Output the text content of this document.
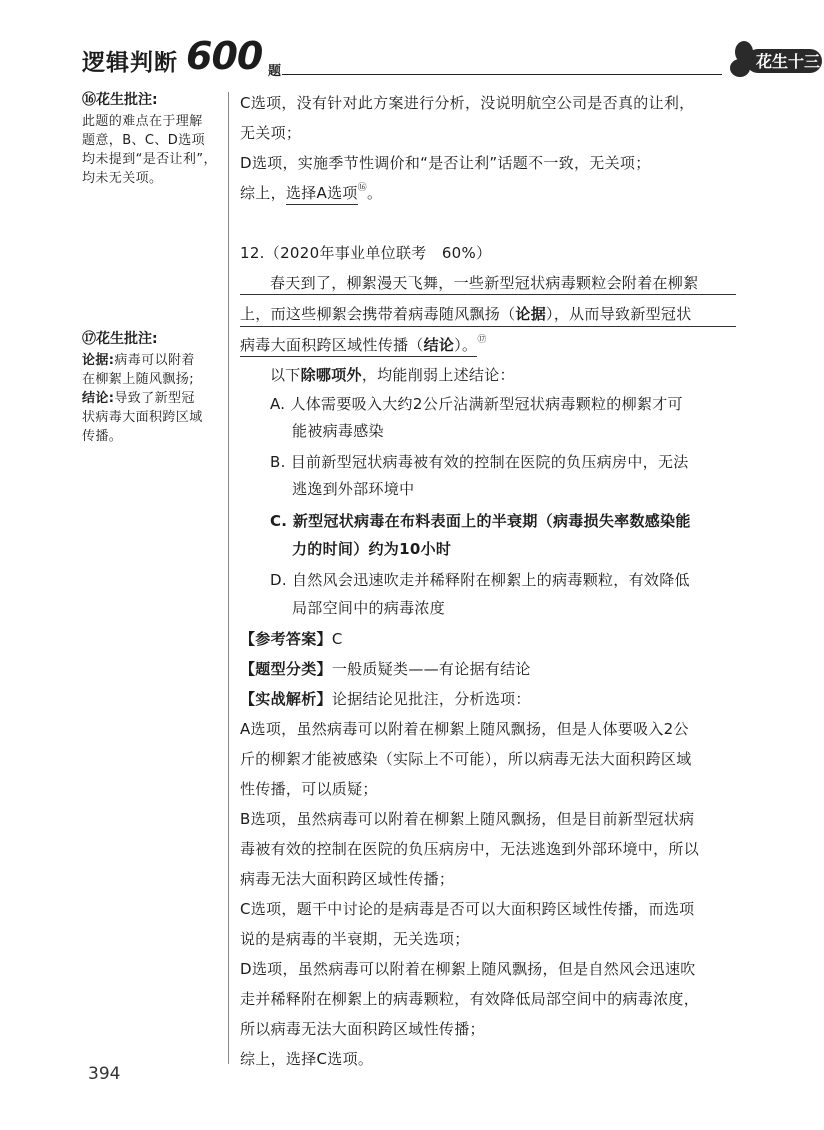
逻辑判断 600 题
花生十三
⑯花生批注:
此题的难点在于理解
题意，B、C、D选项
均未提到“是否让利”，
均未无关项。
⑰花生批注:
论据:病毒可以附着
在柳絮上随风飘扬;
结论:导致了新型冠
状病毒大面积跨区域
传播。
C选项，没有针对此方案进行分析，没说明航空公司是否真的让利，
无关项；
D选项，实施季节性调价和“是否让利”话题不一致，无关项；
综上，选择A选项⑯。
12.（2020年事业单位联考　60%）
春天到了，柳絮漫天飞舞，一些新型冠状病毒颗粒会附着在柳絮
上，而这些柳絮会携带着病毒随风飘扬（论据），从而导致新型冠状
病毒大面积跨区域性传播（结论）。⑰
以下除哪项外，均能削弱上述结论：
A. 人体需要吸入大约2公斤沾满新型冠状病毒颗粒的柳絮才可
能被病毒感染
B. 目前新型冠状病毒被有效的控制在医院的负压病房中，无法
逃逸到外部环境中
C. 新型冠状病毒在布料表面上的半衰期（病毒损失率数感染能
力的时间）约为10小时
D. 自然风会迅速吹走并稀释附在柳絮上的病毒颗粒，有效降低
局部空间中的病毒浓度
【参考答案】C
【题型分类】一般质疑类——有论据有结论
【实战解析】论据结论见批注，分析选项：
A选项，虽然病毒可以附着在柳絮上随风飘扬，但是人体要吸入2公
斤的柳絮才能被感染（实际上不可能），所以病毒无法大面积跨区域
性传播，可以质疑；
B选项，虽然病毒可以附着在柳絮上随风飘扬，但是目前新型冠状病
毒被有效的控制在医院的负压病房中，无法逃逸到外部环境中，所以
病毒无法大面积跨区域性传播；
C选项，题干中讨论的是病毒是否可以大面积跨区域性传播，而选项
说的是病毒的半衰期，无关选项；
D选项，虽然病毒可以附着在柳絮上随风飘扬，但是自然风会迅速吹
走并稀释附在柳絮上的病毒颗粒，有效降低局部空间中的病毒浓度，
所以病毒无法大面积跨区域性传播；
综上，选择C选项。
394
